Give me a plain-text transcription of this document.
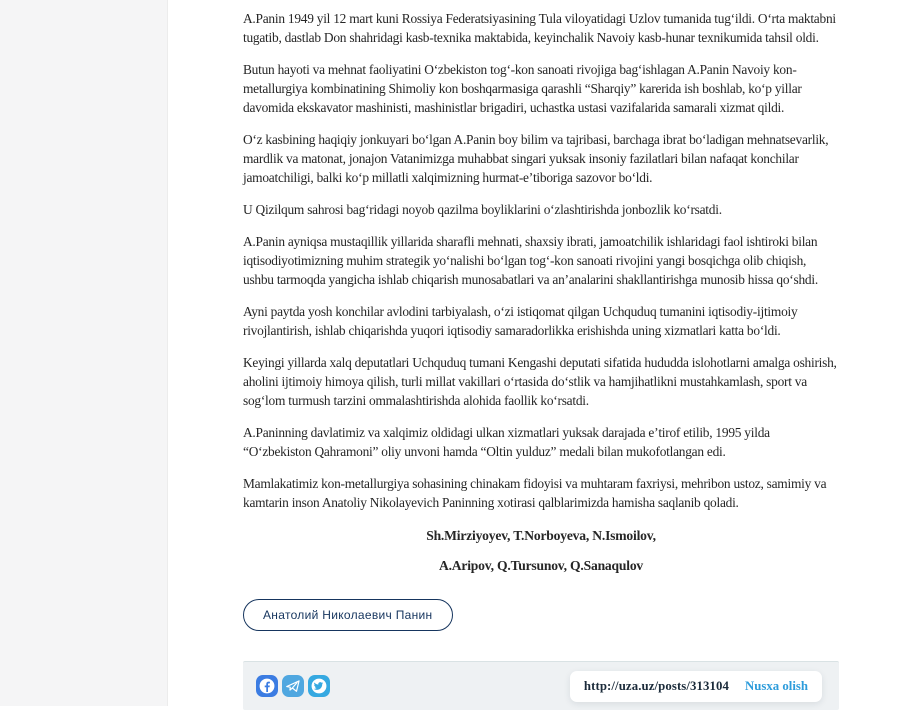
A.Panin 1949 yil 12 mart kuni Rossiya Federatsiyasining Tula viloyatidagi Uzlov tumanida tugʻildi. Oʻrta maktabni tugatib, dastlab Don shahridagi kasb-texnika maktabida, keyinchalik Navoiy kasb-hunar texnikumida tahsil oldi.

Butun hayoti va mehnat faoliyatini Oʻzbekiston togʻ-kon sanoati rivojiga bagʻishlagan A.Panin Navoiy kon-metallurgiya kombinatining Shimoliy kon boshqarmasiga qarashli “Sharqiy” karerida ish boshlab, koʻp yillar davomida ekskavator mashinisti, mashinistlar brigadiri, uchastka ustasi vazifalarida samarali xizmat qildi.

Oʻz kasbining haqiqiy jonkuyari boʻlgan A.Panin boy bilim va tajribasi, barchaga ibrat boʻladigan mehnatsevarlik, mardlik va matonat, jonajon Vatanimizga muhabbat singari yuksak insoniy fazilatlari bilan nafaqat konchilar jamoatchiligi, balki koʻp millatli xalqimizning hurmat-eʼtiboriga sazovor boʻldi.

U Qizilqum sahrosi bagʻridagi noyob qazilma boyliklarini oʻzlashtirishda jonbozlik koʻrsatdi.

A.Panin ayniqsa mustaqillik yillarida sharafli mehnati, shaxsiy ibrati, jamoatchilik ishlaridagi faol ishtiroki bilan iqtisodiyotimizning muhim strategik yoʻnalishi boʻlgan togʻ-kon sanoati rivojini yangi bosqichga olib chiqish, ushbu tarmoqda yangicha ishlab chiqarish munosabatlari va anʼanalarini shakllantirishga munosib hissa qoʻshdi.

Ayni paytda yosh konchilar avlodini tarbiyalash, oʻzi istiqomat qilgan Uchquduq tumanini iqtisodiy-ijtimoiy rivojlantirish, ishlab chiqarishda yuqori iqtisodiy samaradorlikka erishishda uning xizmatlari katta boʻldi.

Keyingi yillarda xalq deputatlari Uchquduq tumani Kengashi deputati sifatida hududda islohotlarni amalga oshirish, aholini ijtimoiy himoya qilish, turli millat vakillari oʻrtasida doʻstlik va hamjihatlikni mustahkamlash, sport va sogʻlom turmush tarzini ommalashtirishda alohida faollik koʻrsatdi.

A.Paninning davlatimiz va xalqimiz oldidagi ulkan xizmatlari yuksak darajada eʼtirof etilib, 1995 yilda “Oʻzbekiston Qahramoni” oliy unvoni hamda “Oltin yulduz” medali bilan mukofotlangan edi.

Mamlakatimiz kon-metallurgiya sohasining chinakam fidoyisi va muhtaram faxriysi, mehribon ustoz, samimiy va kamtarin inson Anatoliy Nikolayevich Paninning xotirasi qalblarimizda hamisha saqlanib qoladi.

Sh.Mirziyoyev, T.Norboyeva, N.Ismoilov,

A.Aripov, Q.Tursunov, Q.Sanaqulov

Анатолий Николаевич Панин
http://uza.uz/posts/313104 Nusxa olish
